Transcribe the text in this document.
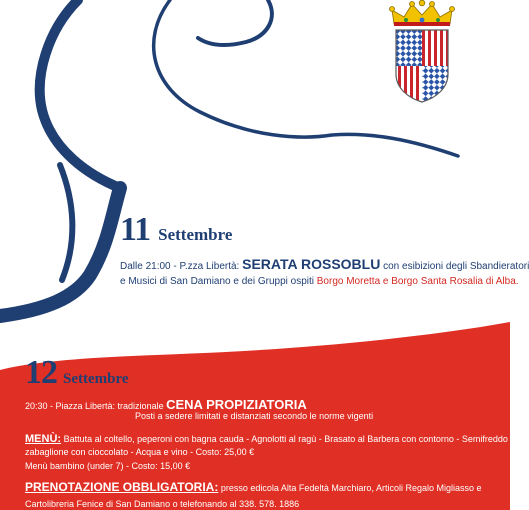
11 Settembre
Dalle 21:00 - P.zza Libertà: SERATA ROSSOBLU con esibizioni degli Sbandieratori
e Musici di San Damiano e dei Gruppi ospiti Borgo Moretta e Borgo Santa Rosalia di Alba.
12 Settembre
20:30 - Piazza Libertà: tradizionale CENA PROPIZIATORIA
Posti a sedere limitati e distanziati secondo le norme vigenti
MENÙ: Battuta al coltello, peperoni con bagna cauda - Agnolotti al ragù - Brasato al Barbera con contorno - Semifreddo allo
zabaglione con cioccolato - Acqua e vino - Costo: 25,00 €
Menù bambino (under 7) - Costo: 15,00 €
PRENOTAZIONE OBBLIGATORIA: presso edicola Alta Fedeltà Marchiaro, Articoli Regalo Migliasso e
Cartolibreria Fenice di San Damiano o telefonando al 338. 578. 1886
